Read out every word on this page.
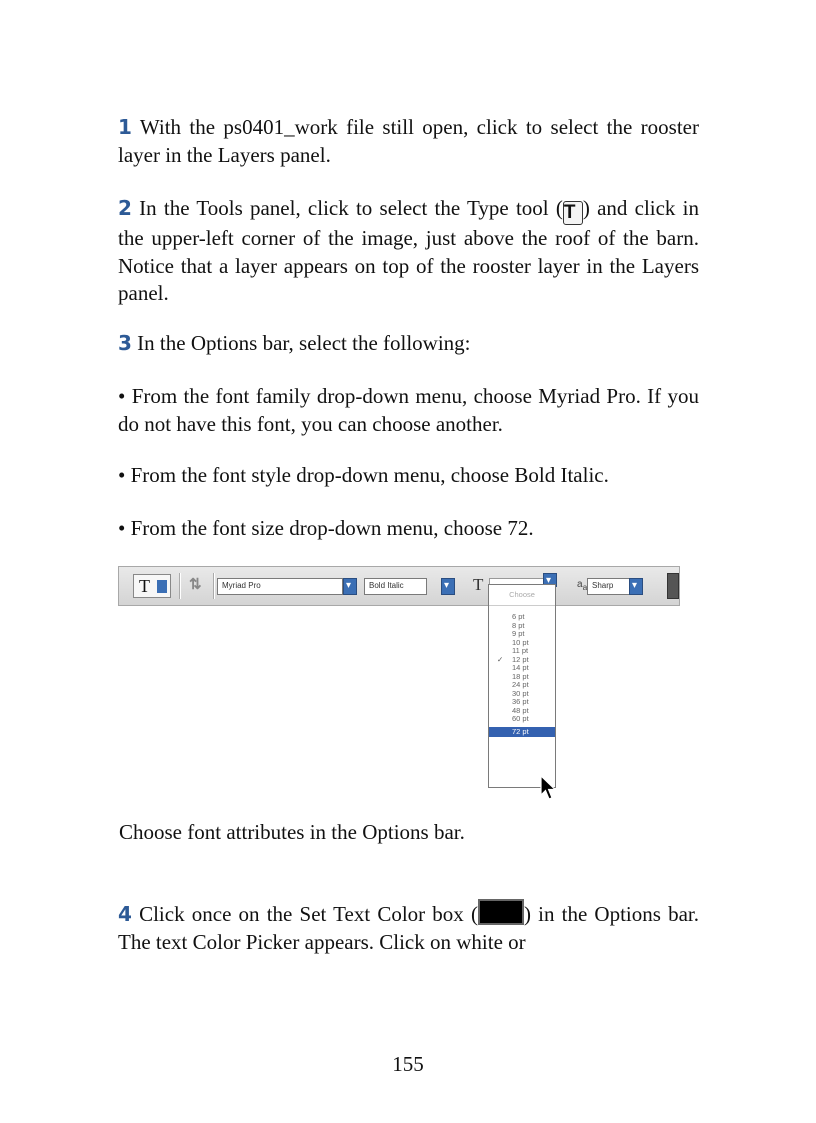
1 With the ps0401_work file still open, click to select the rooster layer in the Layers panel.

2 In the Tools panel, click to select the Type tool (T ) and click in the upper-left corner of the image, just above the roof of the barn. Notice that a layer appears on top of the rooster layer in the Layers panel.

3 In the Options bar, select the following:

• From the font family drop-down menu, choose Myriad Pro. If you do not have this font, you can choose another.

• From the font style drop-down menu, choose Bold Italic.

• From the font size drop-down menu, choose 72.

T	⇅	Myriad Pro ▾	Bold Italic ▾	T ▾	$a_a$ Sharp
▾
Choose
6 pt
8 pt
9 pt
10 pt
11 pt
✓ 12 pt
14 pt
18 pt
24 pt
30 pt
36 pt
48 pt
60 pt
72 pt

Choose font attributes in the Options bar.

4 Click once on the Set Text Color box ( ) in the Options bar. The text Color Picker appears. Click on white or

155
